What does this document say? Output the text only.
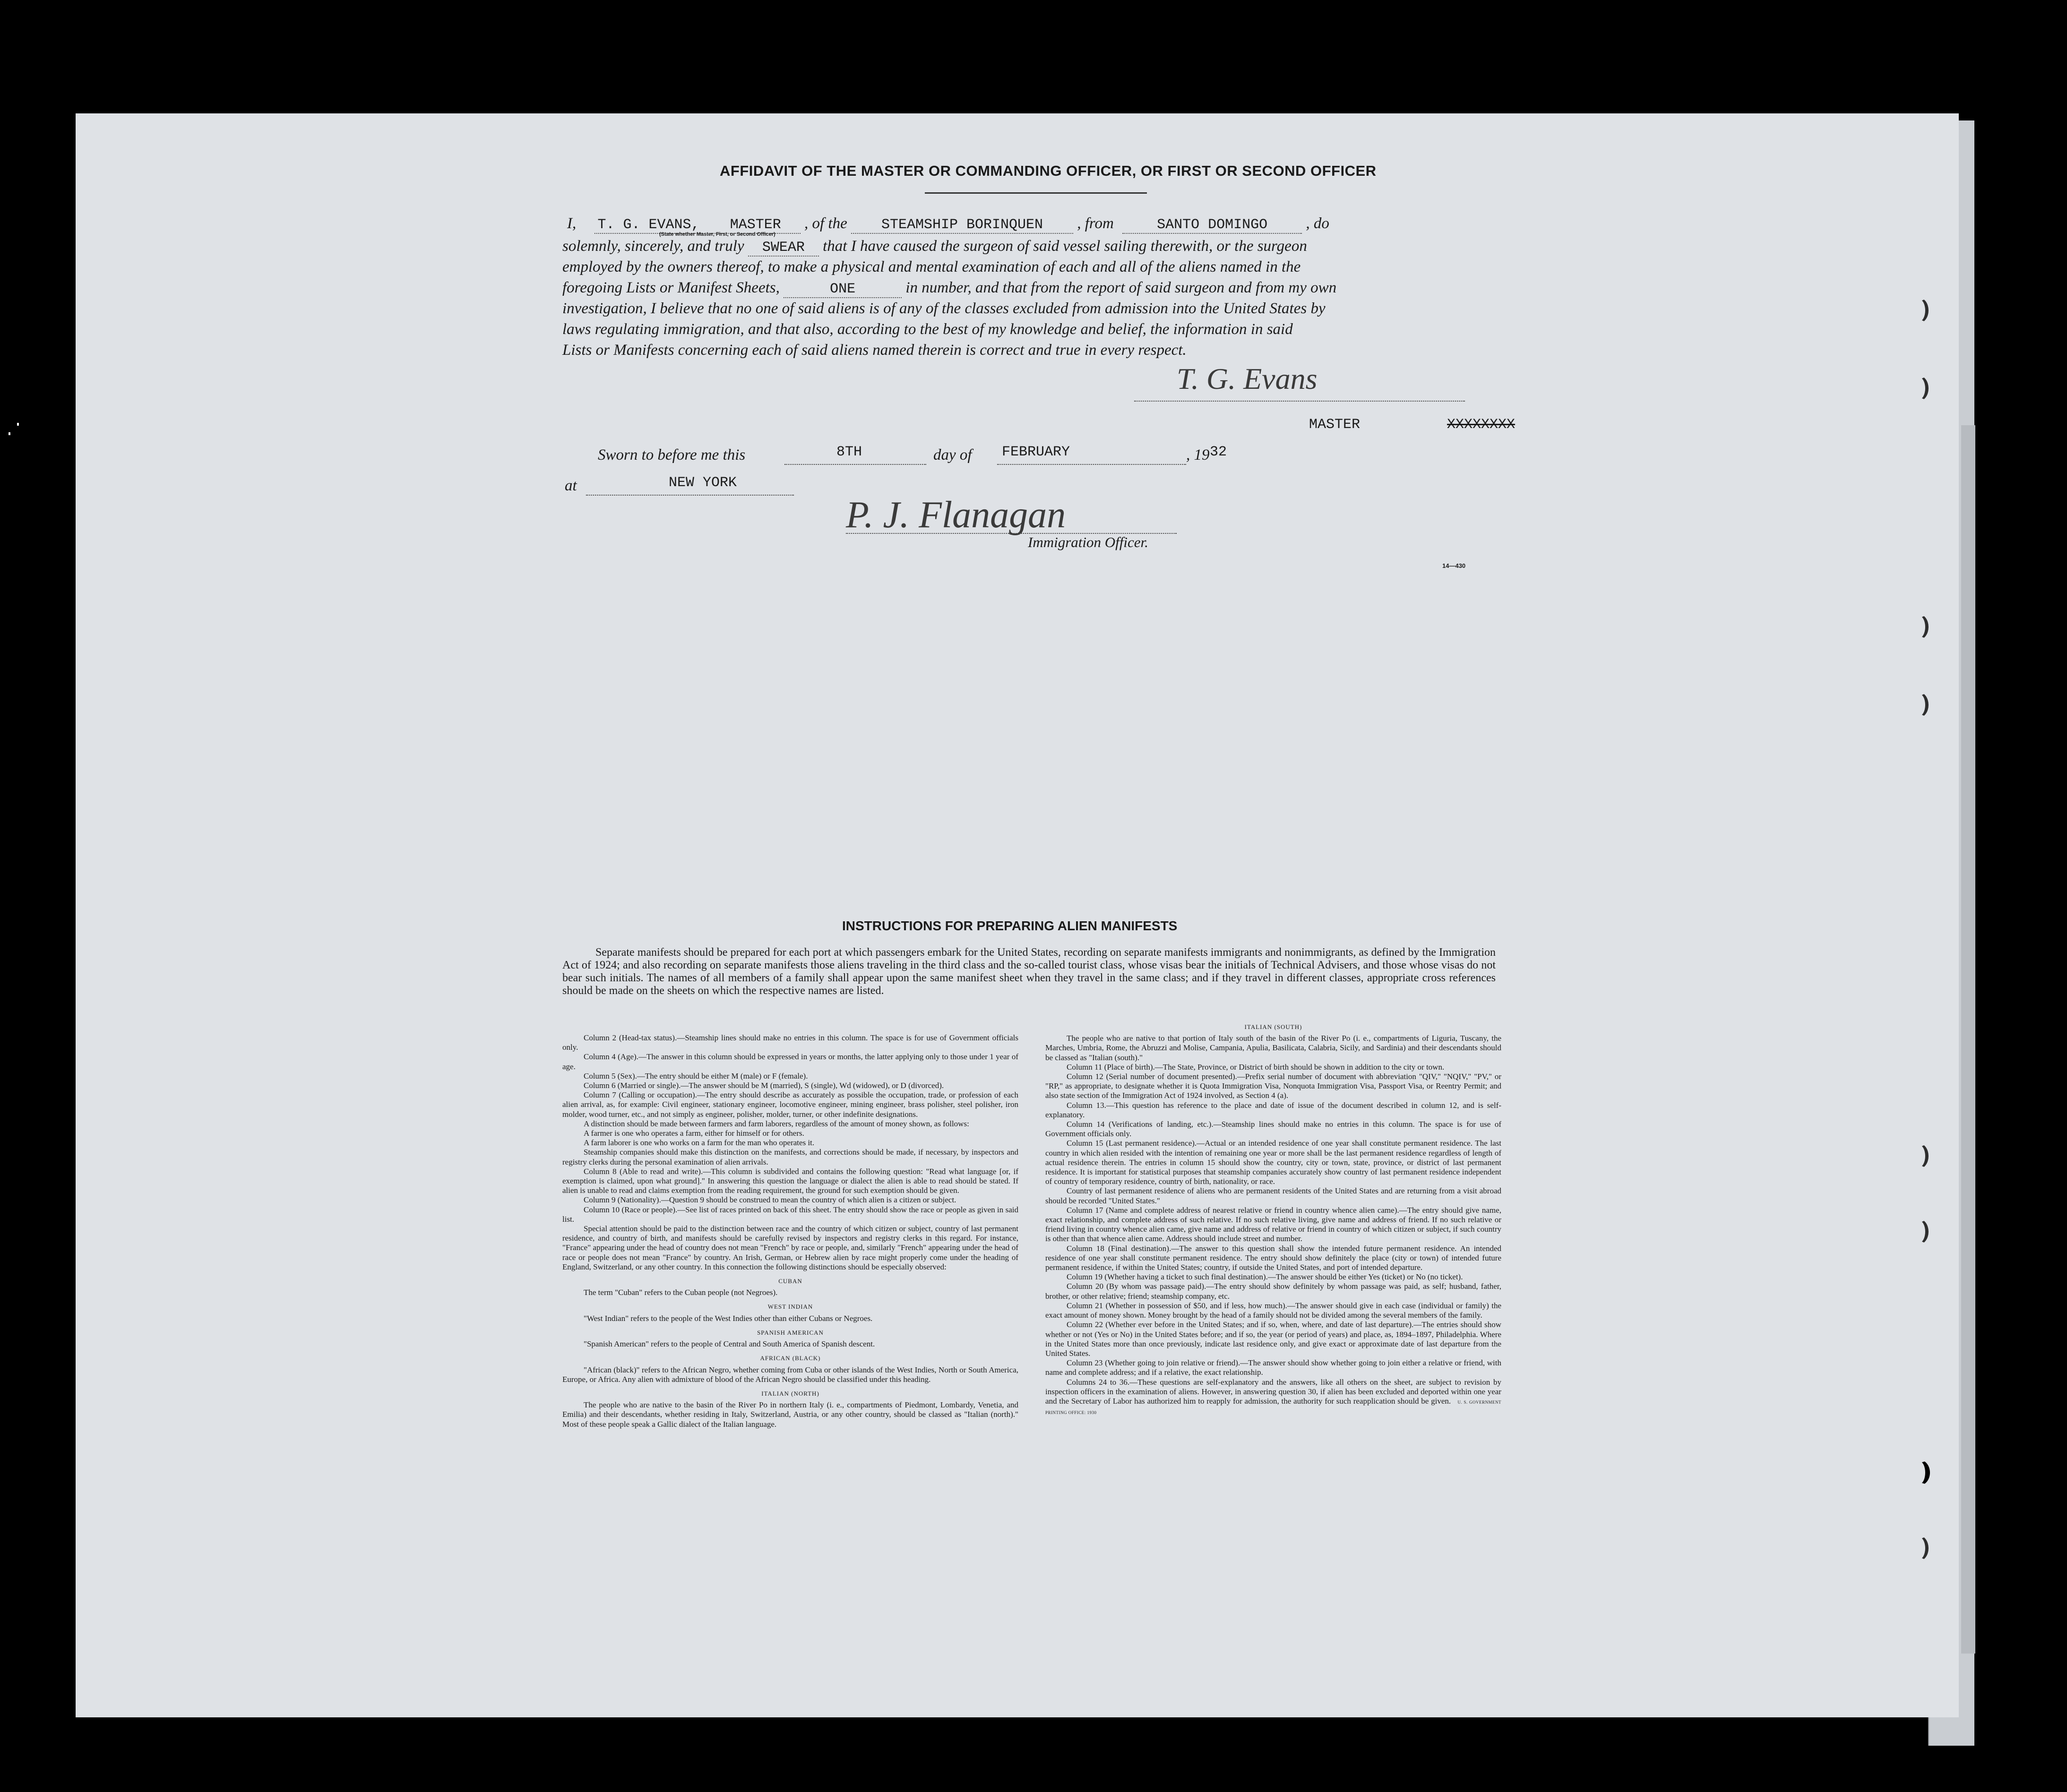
AFFIDAVIT OF THE MASTER OR COMMANDING OFFICER, OR FIRST OR SECOND OFFICER
I, T. G. EVANS, MASTER , of the STEAMSHIP BORINQUEN , from	SANTO DOMINGO , do
(State whether Master, First, or Second Officer)
solemnly, sincerely, and truly SWEAR that I have caused the surgeon of said vessel sailing therewith, or the surgeon
employed by the owners thereof, to make a physical and mental examination of each and all of the aliens named in the
foregoing Lists or Manifest Sheets,	ONE	in number, and that from the report of said surgeon and from my own
investigation, I believe that no one of said aliens is of any of the classes excluded from admission into the United States by
laws regulating immigration, and that also, according to the best of my knowledge and belief, the information in said
Lists or Manifests concerning each of said aliens named therein is correct and true in every respect.
T. G. Evans
MASTER	XXXXXXXX
Sworn to before me this	8TH	day of FEBRUARY	, 19 32
at	NEW YORK
P. J. Flanagan
Immigration Officer.
14—430
INSTRUCTIONS FOR PREPARING ALIEN MANIFESTS
Separate manifests should be prepared for each port at which passengers embark for the United States, recording on separate manifests immigrants and nonimmigrants, as defined by the Immigration Act of 1924; and also recording on separate manifests those aliens traveling in the third class and the so-called tourist class, whose visas bear the initials of Technical Advisers, and those whose visas do not bear such initials. The names of all members of a family shall appear upon the same manifest sheet when they travel in the same class; and if they travel in different classes, appropriate cross references should be made on the sheets on which the respective names are listed.

Column 2 (Head-tax status).—Steamship lines should make no entries in this column. The space is for use of Government officials only.

Column 4 (Age).—The answer in this column should be expressed in years or months, the latter applying only to those under 1 year of age.

Column 5 (Sex).—The entry should be either M (male) or F (female).

Column 6 (Married or single).—The answer should be M (married), S (single), Wd (widowed), or D (divorced).

Column 7 (Calling or occupation).—The entry should describe as accurately as possible the occupation, trade, or profession of each alien arrival, as, for example: Civil engineer, stationary engineer, locomotive engineer, mining engineer, brass polisher, steel polisher, iron molder, wood turner, etc., and not simply as engineer, polisher, molder, turner, or other indefinite designations.

A distinction should be made between farmers and farm laborers, regardless of the amount of money shown, as follows:

A farmer is one who operates a farm, either for himself or for others.

A farm laborer is one who works on a farm for the man who operates it.

Steamship companies should make this distinction on the manifests, and corrections should be made, if necessary, by inspectors and registry clerks during the personal examination of alien arrivals.

Column 8 (Able to read and write).—This column is subdivided and contains the following question: "Read what language [or, if exemption is claimed, upon what ground]." In answering this question the language or dialect the alien is able to read should be stated. If alien is unable to read and claims exemption from the reading requirement, the ground for such exemption should be given.

Column 9 (Nationality).—Question 9 should be construed to mean the country of which alien is a citizen or subject.

Column 10 (Race or people).—See list of races printed on back of this sheet. The entry should show the race or people as given in said list.

Special attention should be paid to the distinction between race and the country of which citizen or subject, country of last permanent residence, and country of birth, and manifests should be carefully revised by inspectors and registry clerks in this regard. For instance, "France" appearing under the head of country does not mean "French" by race or people, and, similarly "French" appearing under the head of race or people does not mean "France" by country. An Irish, German, or Hebrew alien by race might properly come under the heading of England, Switzerland, or any other country. In this connection the following distinctions should be especially observed:

CUBAN

The term "Cuban" refers to the Cuban people (not Negroes).

WEST INDIAN

"West Indian" refers to the people of the West Indies other than either Cubans or Negroes.

SPANISH AMERICAN

"Spanish American" refers to the people of Central and South America of Spanish descent.

AFRICAN (BLACK)

"African (black)" refers to the African Negro, whether coming from Cuba or other islands of the West Indies, North or South America, Europe, or Africa. Any alien with admixture of blood of the African Negro should be classified under this heading.

ITALIAN (NORTH)

The people who are native to the basin of the River Po in northern Italy (i. e., compartments of Piedmont, Lombardy, Venetia, and Emilia) and their descendants, whether residing in Italy, Switzerland, Austria, or any other country, should be classed as "Italian (north)." Most of these people speak a Gallic dialect of the Italian language.

ITALIAN (SOUTH)

The people who are native to that portion of Italy south of the basin of the River Po (i. e., compartments of Liguria, Tuscany, the Marches, Umbria, Rome, the Abruzzi and Molise, Campania, Apulia, Basilicata, Calabria, Sicily, and Sardinia) and their descendants should be classed as "Italian (south)."

Column 11 (Place of birth).—The State, Province, or District of birth should be shown in addition to the city or town.

Column 12 (Serial number of document presented).—Prefix serial number of document with abbreviation "QIV," "NQIV," "PV," or "RP," as appropriate, to designate whether it is Quota Immigration Visa, Nonquota Immigration Visa, Passport Visa, or Reentry Permit; and also state section of the Immigration Act of 1924 involved, as Section 4 (a).

Column 13.—This question has reference to the place and date of issue of the document described in column 12, and is self-explanatory.

Column 14 (Verifications of landing, etc.).—Steamship lines should make no entries in this column. The space is for use of Government officials only.

Column 15 (Last permanent residence).—Actual or an intended residence of one year shall constitute permanent residence. The last country in which alien resided with the intention of remaining one year or more shall be the last permanent residence regardless of length of actual residence therein. The entries in column 15 should show the country, city or town, state, province, or district of last permanent residence. It is important for statistical purposes that steamship companies accurately show country of last permanent residence independent of country of temporary residence, country of birth, nationality, or race.

Country of last permanent residence of aliens who are permanent residents of the United States and are returning from a visit abroad should be recorded "United States."

Column 17 (Name and complete address of nearest relative or friend in country whence alien came).—The entry should give name, exact relationship, and complete address of such relative. If no such relative living, give name and address of friend. If no such relative or friend living in country whence alien came, give name and address of relative or friend in country of which citizen or subject, if such country is other than that whence alien came. Address should include street and number.

Column 18 (Final destination).—The answer to this question shall show the intended future permanent residence. An intended residence of one year shall constitute permanent residence. The entry should show definitely the place (city or town) of intended future permanent residence, if within the United States; country, if outside the United States, and port of intended departure.

Column 19 (Whether having a ticket to such final destination).—The answer should be either Yes (ticket) or No (no ticket).

Column 20 (By whom was passage paid).—The entry should show definitely by whom passage was paid, as self; husband, father, brother, or other relative; friend; steamship company, etc.

Column 21 (Whether in possession of $50, and if less, how much).—The answer should give in each case (individual or family) the exact amount of money shown. Money brought by the head of a family should not be divided among the several members of the family.

Column 22 (Whether ever before in the United States; and if so, when, where, and date of last departure).—The entries should show whether or not (Yes or No) in the United States before; and if so, the year (or period of years) and place, as, 1894–1897, Philadelphia. Where in the United States more than once previously, indicate last residence only, and give exact or approximate date of last departure from the United States.

Column 23 (Whether going to join relative or friend).—The answer should show whether going to join either a relative or friend, with name and complete address; and if a relative, the exact relationship.

Columns 24 to 36.—These questions are self-explanatory and the answers, like all others on the sheet, are subject to revision by inspection officers in the examination of aliens. However, in answering question 30, if alien has been excluded and deported within one year and the Secretary of Labor has authorized him to reapply for admission, the authority for such reapplication should be given. U. S. GOVERNMENT PRINTING OFFICE: 1930
